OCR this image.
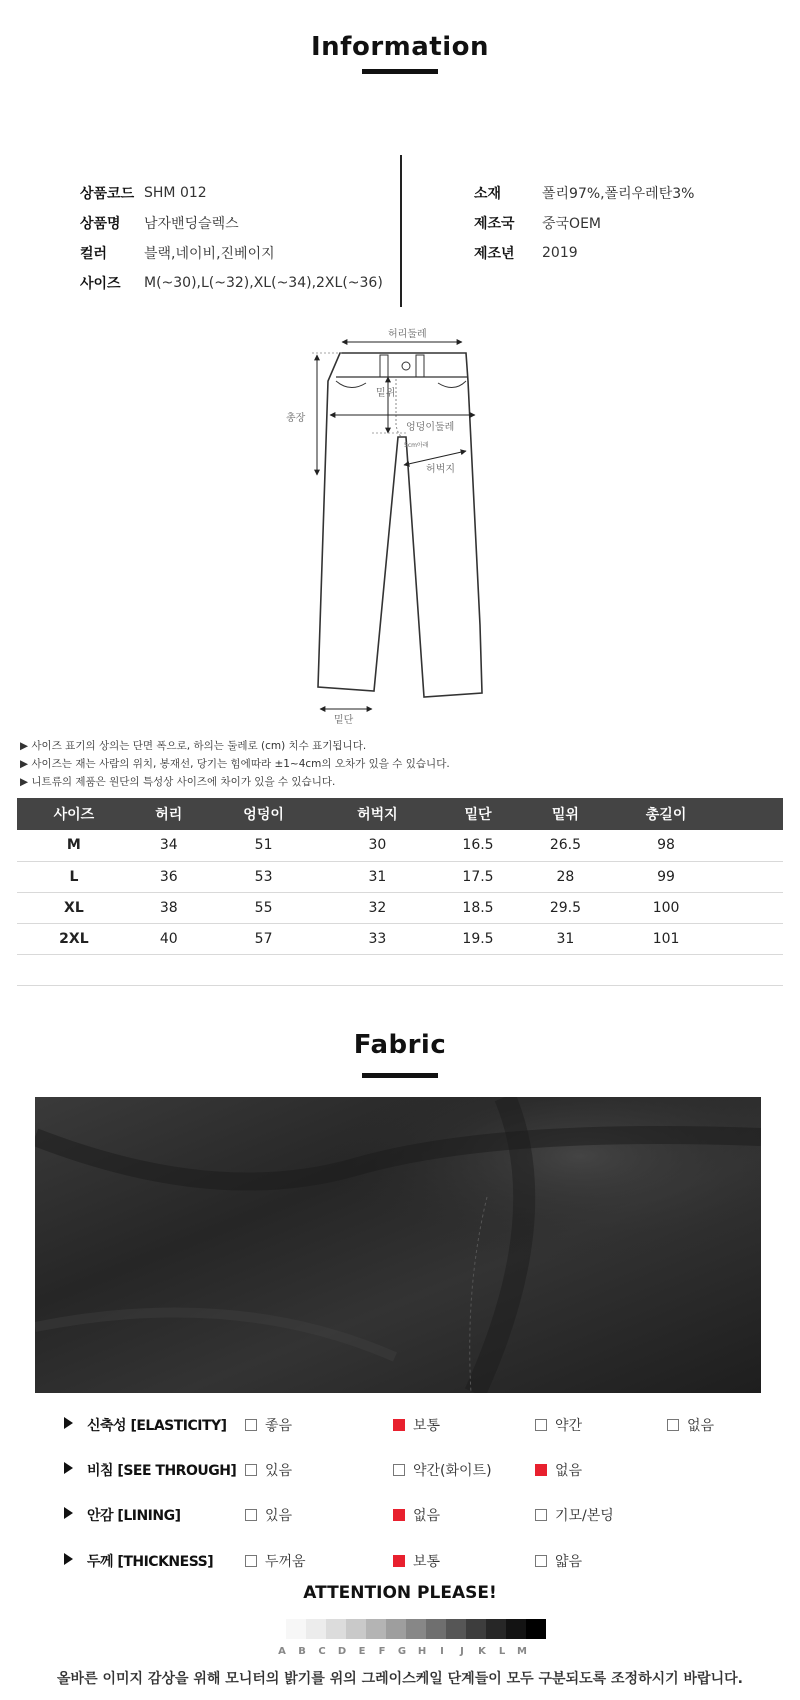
Information
상품코드 SHM 012
상품명	남자밴딩슬렉스
컬러	블랙,네이비,진베이지
사이즈	M(~30),L(~32),XL(~34),2XL(~36)
소재	폴리97%,폴리우레탄3%
제조국	중국OEM
제조년	2019
허리둘레
총장
밑위
엉덩이둘레
5cm아래
허벅지
밑단
▶ 사이즈 표기의 상의는 단면 폭으로, 하의는 둘레로 (cm) 치수 표기됩니다.
▶ 사이즈는 재는 사람의 위치, 봉재선, 당기는 힘에따라 ±1~4cm의 오차가 있을 수 있습니다.
▶ 니트류의 제품은 원단의 특성상 사이즈에 차이가 있을 수 있습니다.
사이즈	허리	엉덩이	허벅지	밑단	밑위	총길이	
M	34	51	30	16.5	26.5	98	
L	36	53	31	17.5	28	99	
XL	38	55	32	18.5	29.5	100	
2XL	40	57	33	19.5	31	101	

Fabric
신축성 [ELASTICITY]	좋음	보통	약간	없음
비침 [SEE THROUGH] 있음	약간(화이트)	없음
안감 [LINING]	있음	없음	기모/본딩
두께 [THICKNESS]	두꺼움	보통	얇음
ATTENTION PLEASE!
A	B	C	D	E	F	G	H	I	J	K	L	M
올바른 이미지 감상을 위해 모니터의 밝기를 위의 그레이스케일 단계들이 모두 구분되도록 조정하시기 바랍니다.
